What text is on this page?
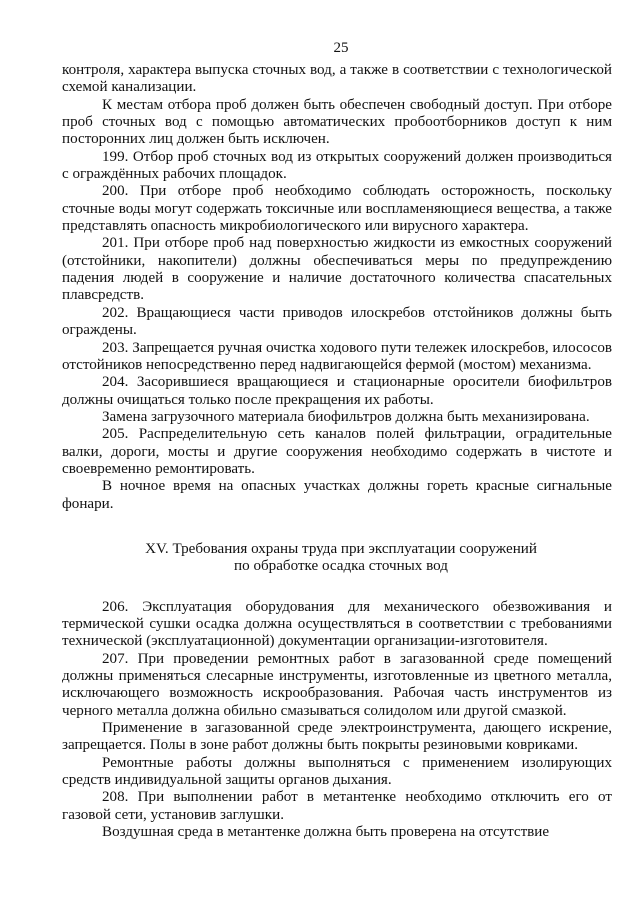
25

контроля, характера выпуска сточных вод, а также в соответствии с технологической схемой канализации.

К местам отбора проб должен быть обеспечен свободный доступ. При отборе проб сточных вод с помощью автоматических пробоотборников доступ к ним посторонних лиц должен быть исключен.

199. Отбор проб сточных вод из открытых сооружений должен производиться с ограждённых рабочих площадок.

200. При отборе проб необходимо соблюдать осторожность, поскольку сточные воды могут содержать токсичные или воспламеняющиеся вещества, а также представлять опасность микробиологического или вирусного характера.

201. При отборе проб над поверхностью жидкости из емкостных сооружений (отстойники, накопители) должны обеспечиваться меры по предупреждению падения людей в сооружение и наличие достаточного количества спасательных плавсредств.

202. Вращающиеся части приводов илоскребов отстойников должны быть ограждены.

203. Запрещается ручная очистка ходового пути тележек илоскребов, илососов отстойников непосредственно перед надвигающейся фермой (мостом) механизма.

204. Засорившиеся вращающиеся и стационарные оросители биофильтров должны очищаться только после прекращения их работы.

Замена загрузочного материала биофильтров должна быть механизирована.

205. Распределительную сеть каналов полей фильтрации, оградительные валки, дороги, мосты и другие сооружения необходимо содержать в чистоте и своевременно ремонтировать.

В ночное время на опасных участках должны гореть красные сигнальные фонари.

XV. Требования охраны труда при эксплуатации сооружений
по обработке осадка сточных вод

206. Эксплуатация оборудования для механического обезвоживания и термической сушки осадка должна осуществляться в соответствии с требованиями технической (эксплуатационной) документации организации-изготовителя.

207. При проведении ремонтных работ в загазованной среде помещений должны применяться слесарные инструменты, изготовленные из цветного металла, исключающего возможность искрообразования. Рабочая часть инструментов из черного металла должна обильно смазываться солидолом или другой смазкой.

Применение в загазованной среде электроинструмента, дающего искрение, запрещается. Полы в зоне работ должны быть покрыты резиновыми ковриками.

Ремонтные работы должны выполняться с применением изолирующих средств индивидуальной защиты органов дыхания.

208. При выполнении работ в метантенке необходимо отключить его от газовой сети, установив заглушки.

Воздушная среда в метантенке должна быть проверена на отсутствие
